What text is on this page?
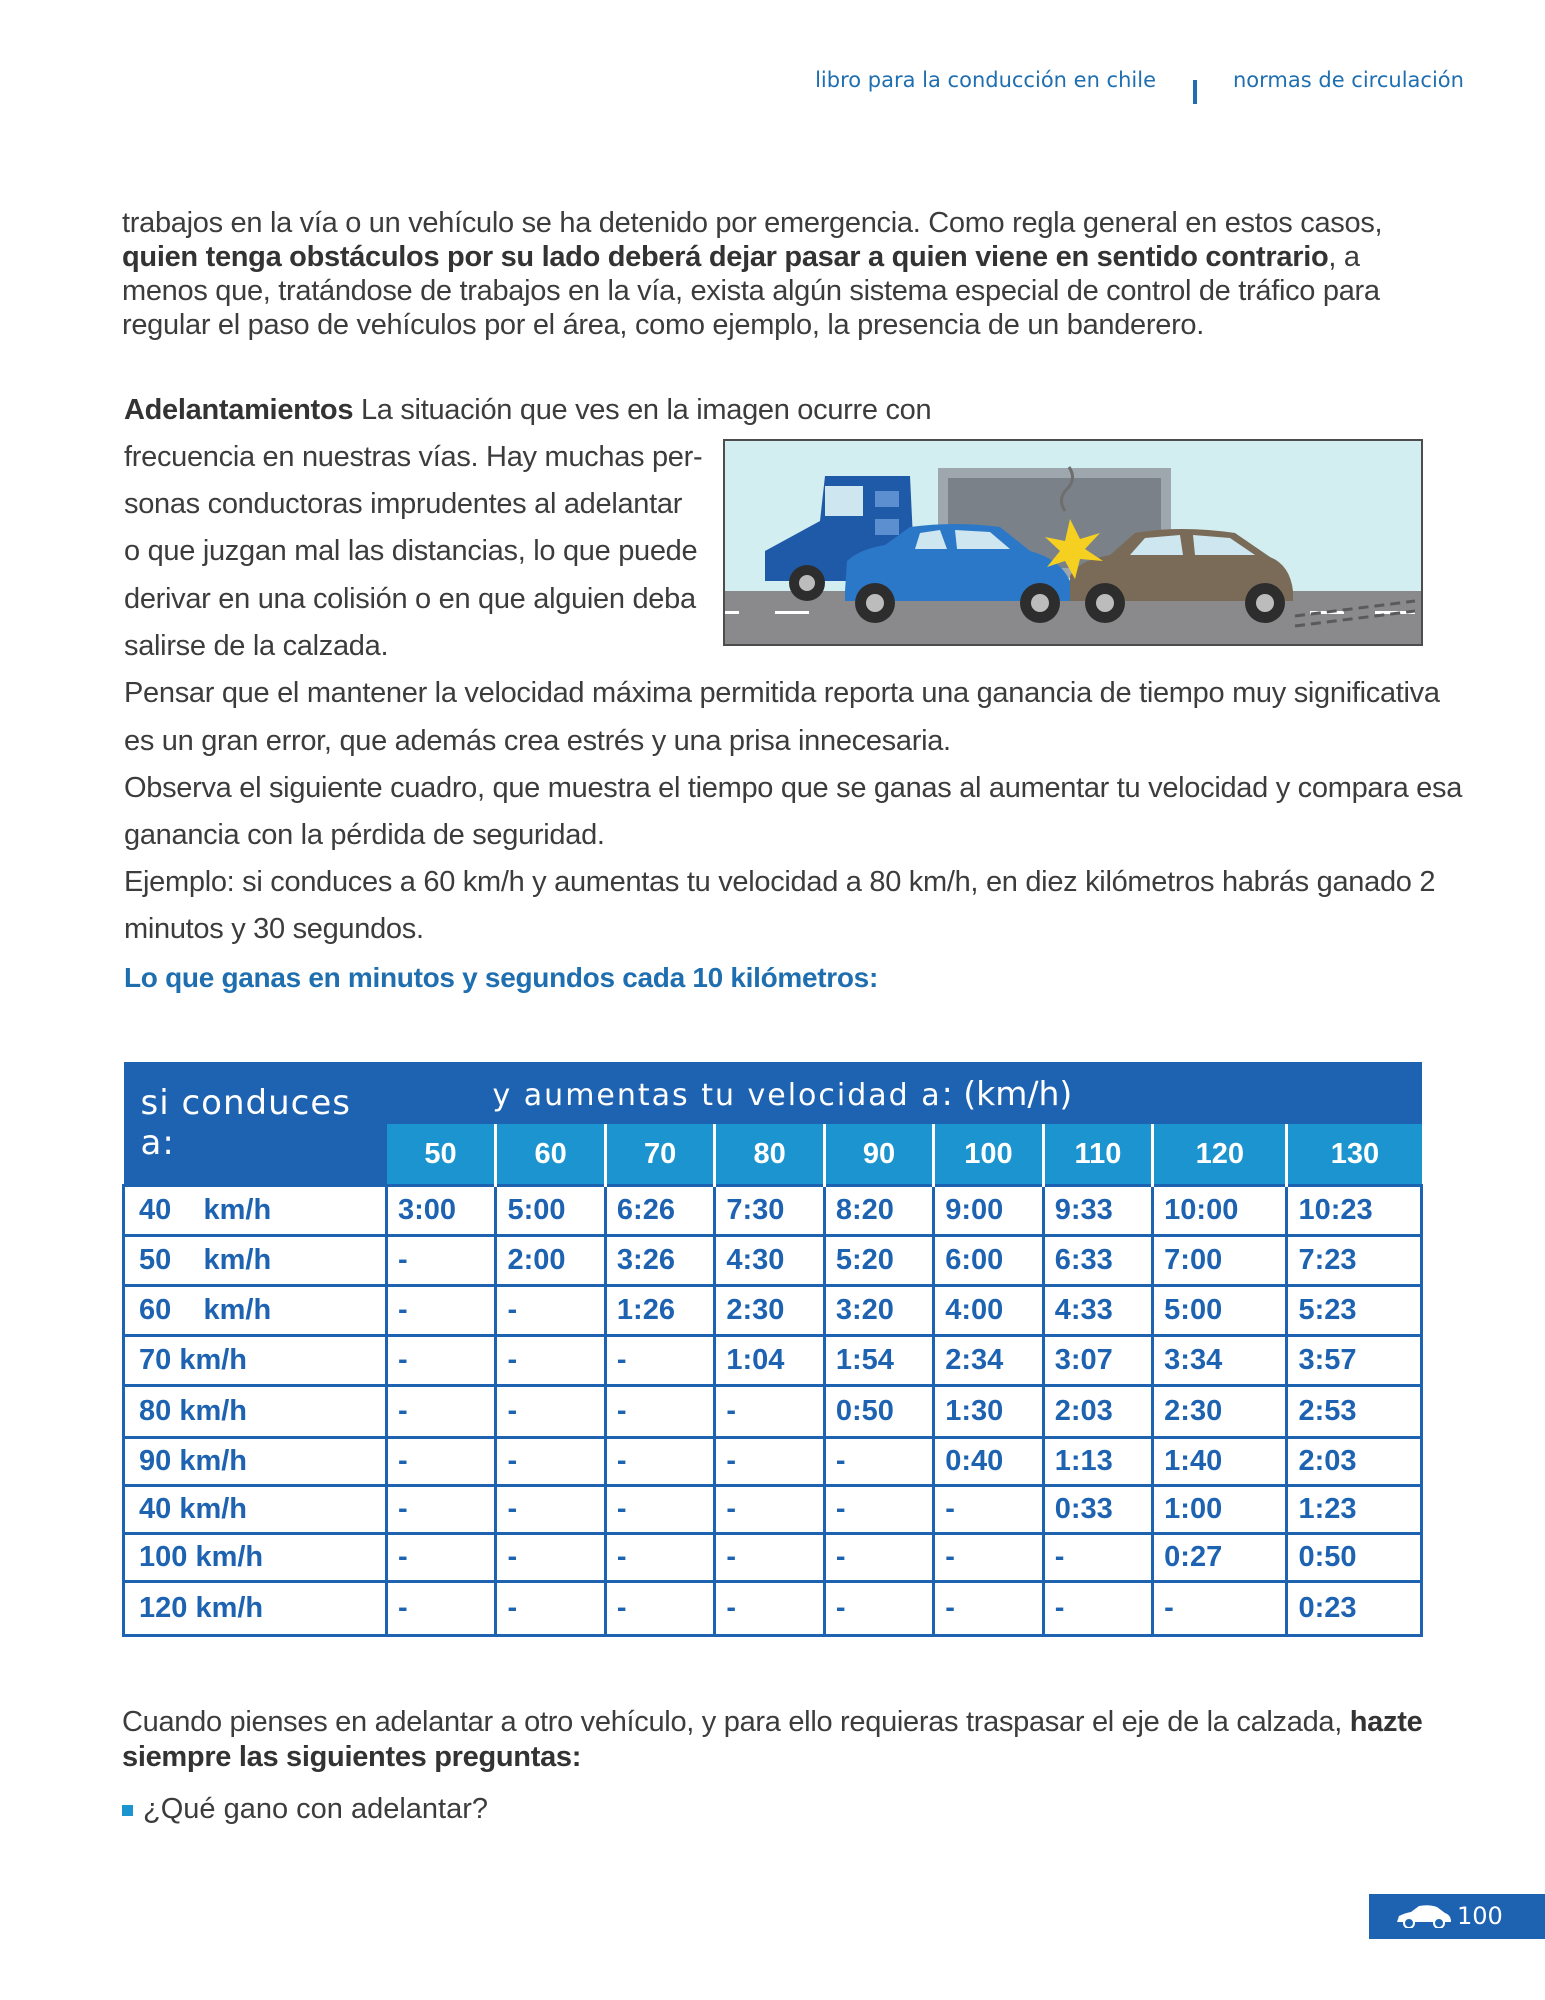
libro para la conducción en chile	normas de circulación
trabajos en la vía o un vehículo se ha detenido por emergencia. Como regla general en estos casos, quien tenga obstáculos por su lado deberá dejar pasar a quien viene en sentido contrario, a menos que, tratándose de trabajos en la vía, exista algún sistema especial de control de tráfico para regular el paso de vehículos por el área, como ejemplo, la presencia de un banderero.
Adelantamientos La situación que ves en la imagen ocurre con
frecuencia en nuestras vías. Hay muchas per-
sonas conductoras imprudentes al adelantar
o que juzgan mal las distancias, lo que puede
derivar en una colisión o en que alguien deba
salirse de la calzada.
Pensar que el mantener la velocidad máxima permitida reporta una ganancia de tiempo muy significativa
es un gran error, que además crea estrés y una prisa innecesaria.
Observa el siguiente cuadro, que muestra el tiempo que se ganas al aumentar tu velocidad y compara esa
ganancia con la pérdida de seguridad.
Ejemplo: si conduces a 60 km/h y aumentas tu velocidad a 80 km/h, en diez kilómetros habrás ganado 2
minutos y 30 segundos.
Lo que ganas en minutos y segundos cada 10 kilómetros:
si conduces a:	y aumentas tu velocidad a: (km/h)								
	50	60	70	80	90	100	110	120	130
40    km/h	3:00	5:00	6:26	7:30	8:20	9:00	9:33	10:00	10:23
50    km/h	-	2:00	3:26	4:30	5:20	6:00	6:33	7:00	7:23
60    km/h	-	-	1:26	2:30	3:20	4:00	4:33	5:00	5:23
70 km/h	-	-	-	1:04	1:54	2:34	3:07	3:34	3:57
80 km/h	-	-	-	-	0:50	1:30	2:03	2:30	2:53
90 km/h	-	-	-	-	-	0:40	1:13	1:40	2:03
40 km/h	-	-	-	-	-	-	0:33	1:00	1:23
100 km/h	-	-	-	-	-	-	-	0:27	0:50
120 km/h	-	-	-	-	-	-	-	-	0:23
Cuando pienses en adelantar a otro vehículo, y para ello requieras traspasar el eje de la calzada, hazte siempre las siguientes preguntas:
¿Qué gano con adelantar?
100
